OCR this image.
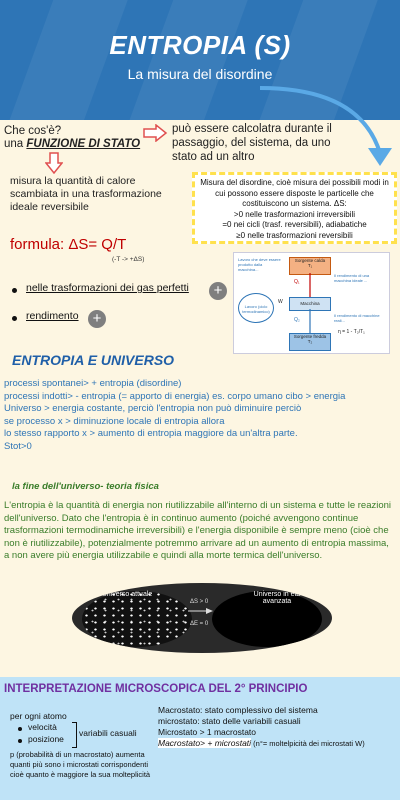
ENTROPIA (S)
La misura del disordine
Che cos'è?
una FUNZIONE DI STATO
può essere calcolatra durante il passaggio, del sistema, da uno stato ad un altro
misura la quantità di calore scambiata in una trasformazione ideale reversibile
Misura del disordine, cioè misura dei possibili modi in
cui possono essere disposte le particelle che
costituiscono un sistema. ΔS:
>0 nelle trasformazioni irreversibili
=0 nei cicli (trasf. reversibili), adiabatiche
≥0 nelle trasformazioni reversibili
formula: ΔS= Q/T
(-T -> +ΔS)
nelle trasformazioni dei gas perfetti	+
rendimento +
Lavoro che deve essere prodotto dalla macchina...
Lavoro (ciclo termodinamico)
Sorgente calda
T₁
Macchina
Sorgente fredda
T₂
Q₁
Q₂
W
Il rendimento di una macchina ideale ...
Il rendimento di macchine reali...
η = 1 - T₂/T₁
ENTROPIA E UNIVERSO
processi spontanei> + entropia (disordine)
processi indotti> - entropia (= apporto di energia) es. corpo umano cibo > energia
Universo > energia costante, perciò l'entropia non può diminuire perciò
se processo x > diminuzione locale di entropia allora
lo stesso rapporto x > aumento di entropia maggiore da un'altra parte.
Stot>0
la fine dell'universo- teoria fisica
L'entropia è la quantità di energia non riutilizzabile all'interno di un sistema e tutte le reazioni dell'universo. Dato che l'entropia è in continuo aumento (poiché avvengono continue trasformazioni termodinamiche irreversibili) e l'energia disponibile è sempre meno (cioè che non è riutilizzabile), potenzialmente potremmo arrivare ad un aumento di entropia massima, a non avere più energia utilizzabile e quindi alla morte termica dell'universo.
Universo attuale	Universo in età avanzata
ΔS > 0
ΔE = 0
INTERPRETAZIONE MICROSCOPICA DEL 2° PRINCIPIO
per ogni atomo
velocità
posizione
variabili casuali
p (probabilità di un macrostato) aumenta quanti più sono i microstati corrispondenti cioè quanto è maggiore la sua molteplicità
Macrostato: stato complessivo del sistema
microstato: stato delle variabili casuali
Microstato > 1 macrostato
Macrostato> + microstati (n°= moltelpicità dei microstati W)
